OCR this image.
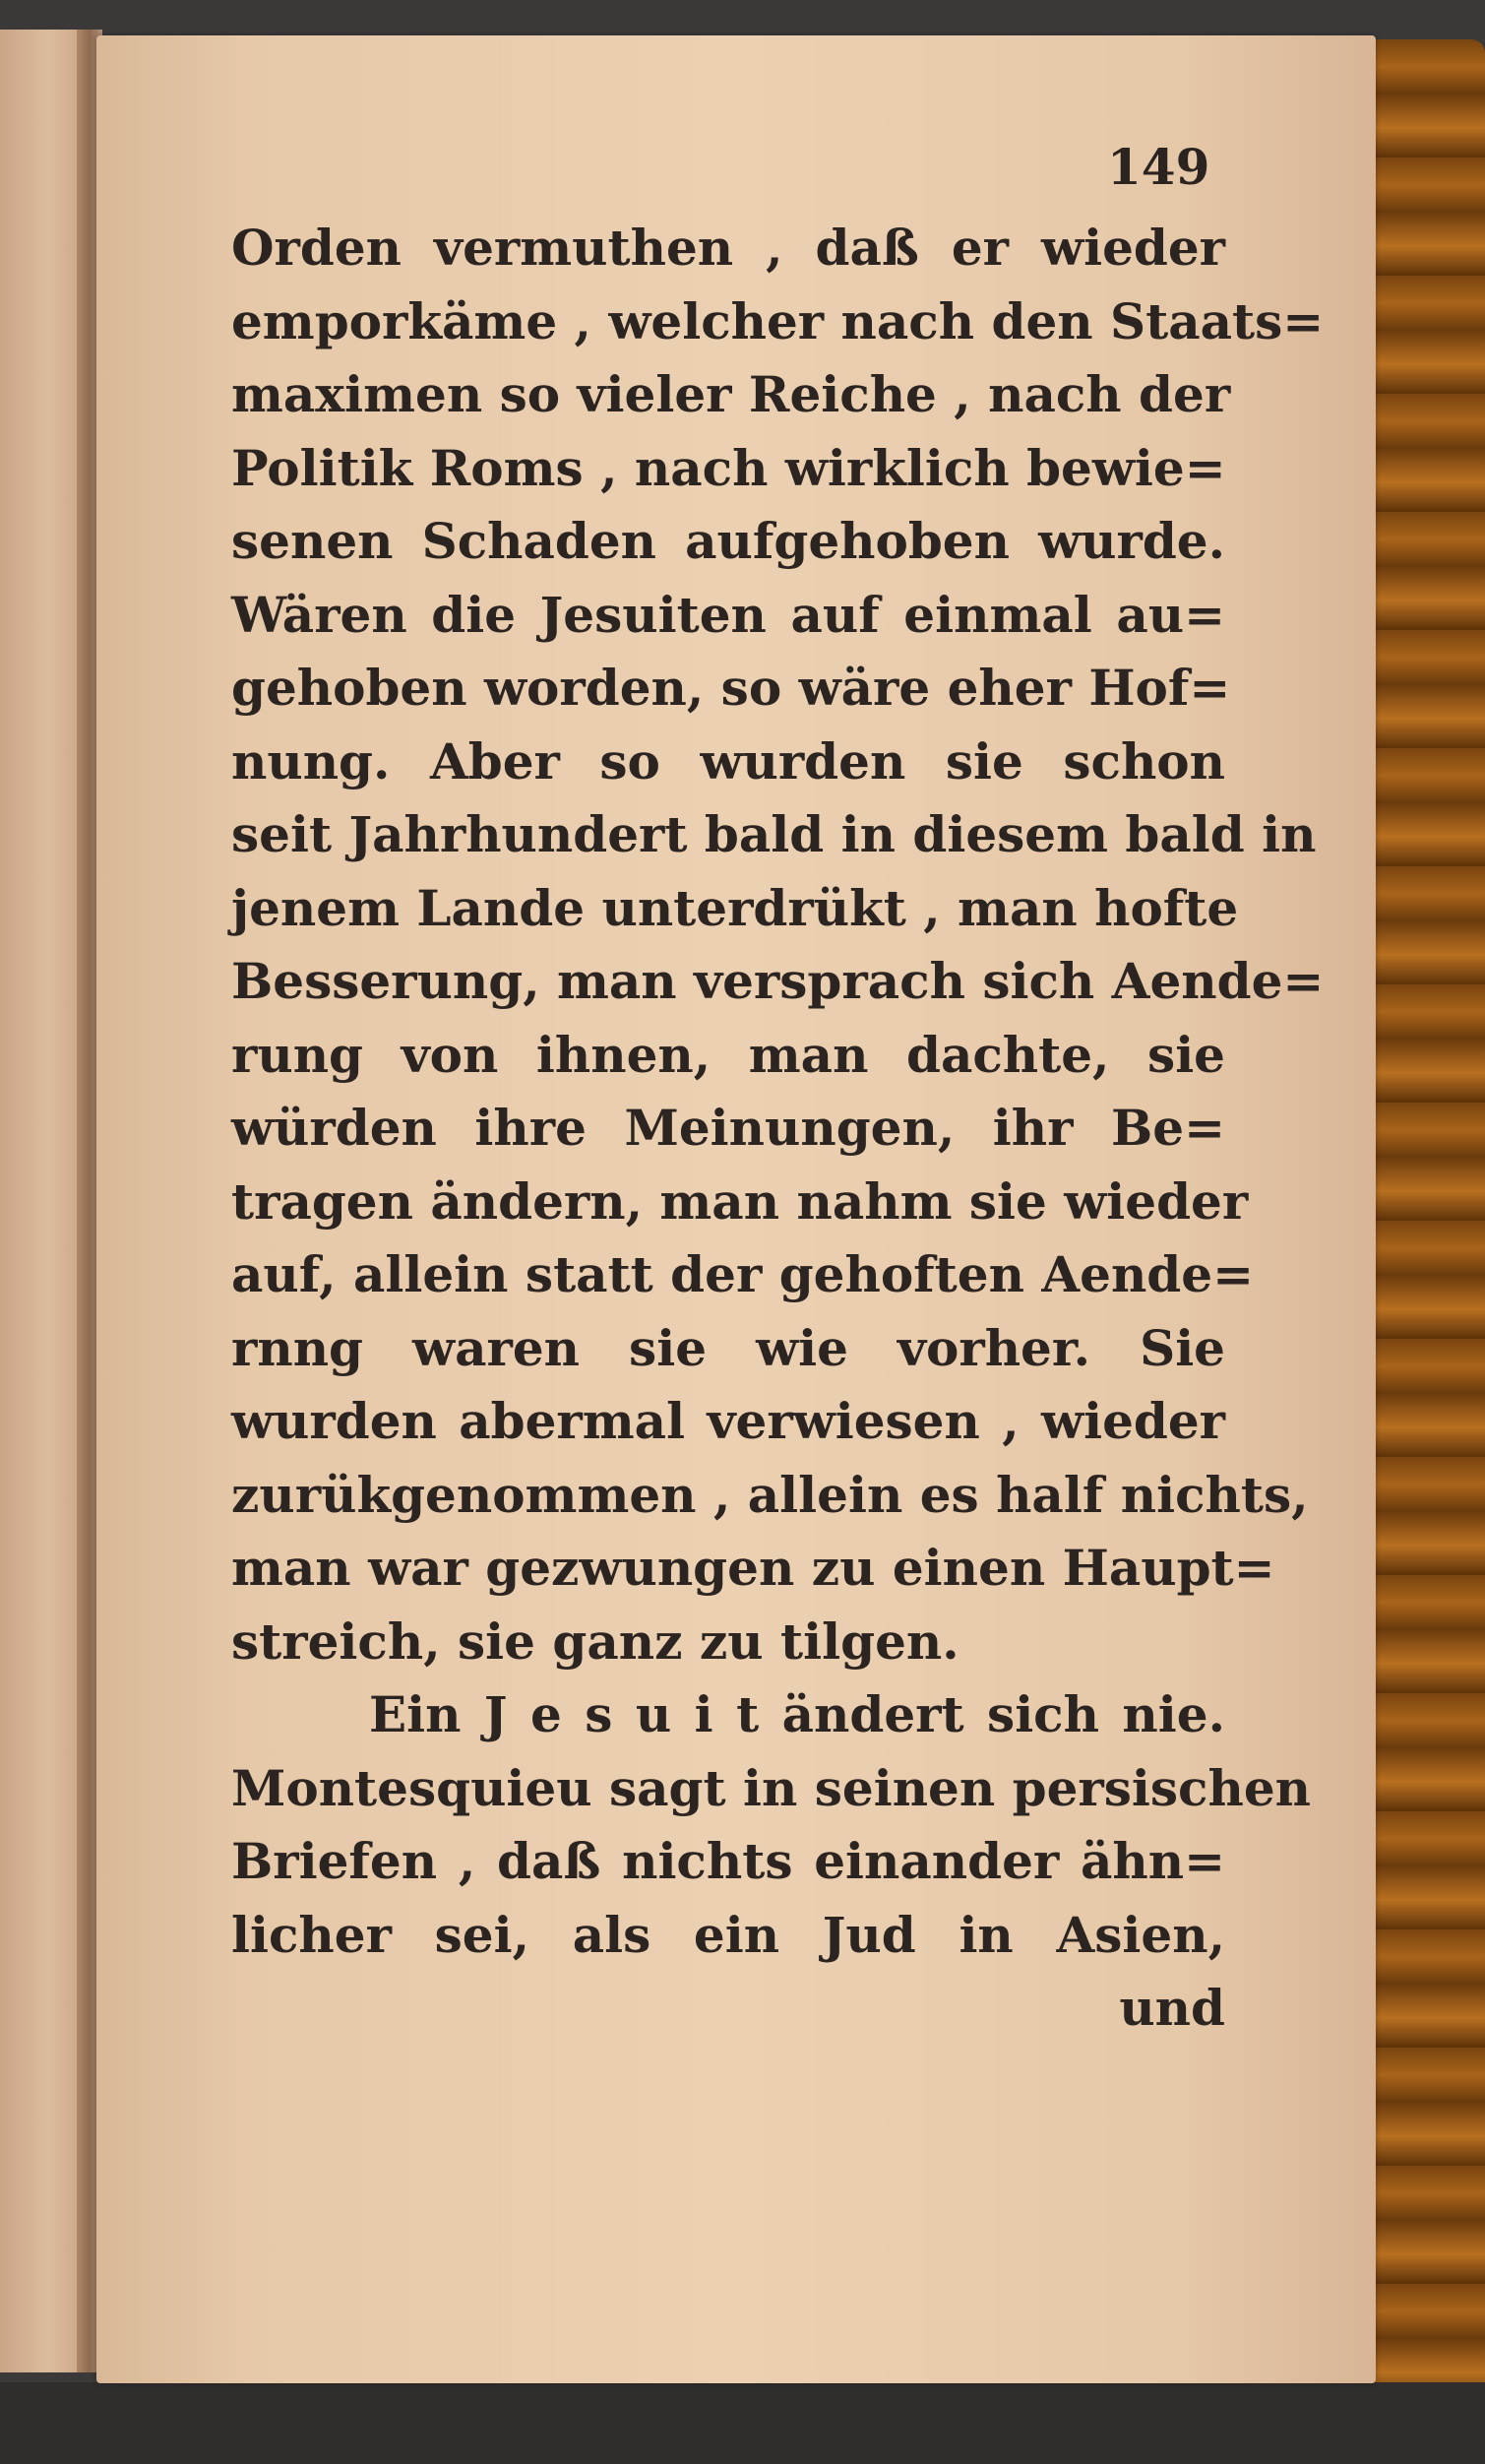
149
Orden vermuthen , daß er wieder
emporkäme , welcher nach den Staats=
maximen so vieler Reiche , nach der
Politik Roms , nach wirklich bewie=
senen Schaden aufgehoben wurde.
Wären die Jesuiten auf einmal au=
gehoben worden, so wäre eher Hof=
nung. Aber so wurden sie schon
seit Jahrhundert bald in diesem bald in
jenem Lande unterdrükt , man hofte
Besserung, man versprach sich Aende=
rung von ihnen, man dachte, sie
würden ihre Meinungen, ihr Be=
tragen ändern, man nahm sie wieder
auf, allein statt der gehoften Aende=
rnng waren sie wie vorher. Sie
wurden abermal verwiesen , wieder
zurükgenommen , allein es half nichts,
man war gezwungen zu einen Haupt=
streich, sie ganz zu tilgen.
Ein J e s u i t ändert sich nie.
Montesquieu sagt in seinen persischen
Briefen , daß nichts einander ähn=
licher sei, als ein Jud in Asien,
und
